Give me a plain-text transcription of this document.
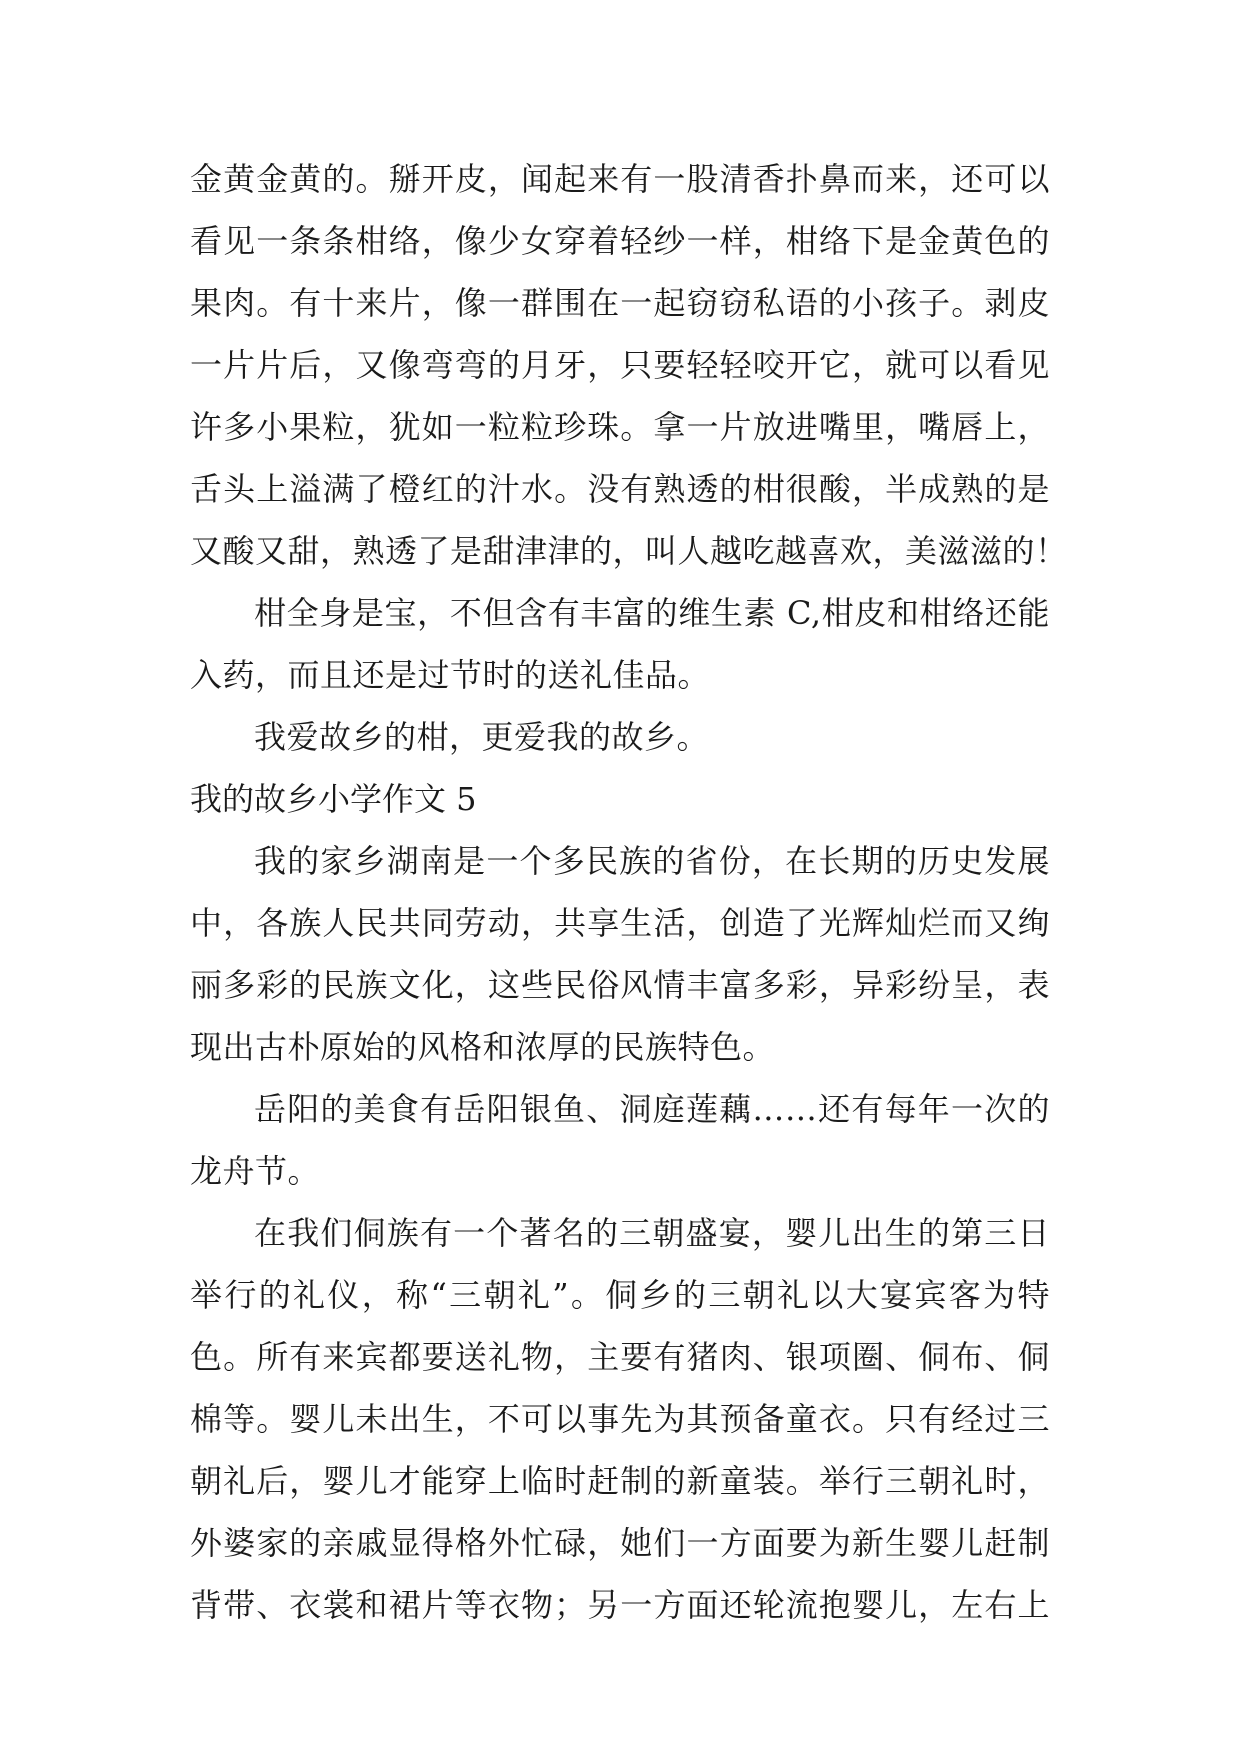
金黄金黄的。掰开皮，闻起来有一股清香扑鼻而来，还可以
看见一条条柑络，像少女穿着轻纱一样，柑络下是金黄色的
果肉。有十来片，像一群围在一起窃窃私语的小孩子。剥皮
一片片后，又像弯弯的月牙，只要轻轻咬开它，就可以看见
许多小果粒，犹如一粒粒珍珠。拿一片放进嘴里，嘴唇上，
舌头上溢满了橙红的汁水。没有熟透的柑很酸，半成熟的是
又酸又甜，熟透了是甜津津的，叫人越吃越喜欢，美滋滋的！
柑全身是宝，不但含有丰富的维生素 C,柑皮和柑络还能
入药，而且还是过节时的送礼佳品。
我爱故乡的柑，更爱我的故乡。
我的故乡小学作文 5
我的家乡湖南是一个多民族的省份，在长期的历史发展
中，各族人民共同劳动，共享生活，创造了光辉灿烂而又绚
丽多彩的民族文化，这些民俗风情丰富多彩，异彩纷呈，表
现出古朴原始的风格和浓厚的民族特色。
岳阳的美食有岳阳银鱼、洞庭莲藕……还有每年一次的
龙舟节。
在我们侗族有一个著名的三朝盛宴，婴儿出生的第三日
举行的礼仪，称“三朝礼”。侗乡的三朝礼以大宴宾客为特
色。所有来宾都要送礼物，主要有猪肉、银项圈、侗布、侗
棉等。婴儿未出生，不可以事先为其预备童衣。只有经过三
朝礼后，婴儿才能穿上临时赶制的新童装。举行三朝礼时，
外婆家的亲戚显得格外忙碌，她们一方面要为新生婴儿赶制
背带、衣裳和裙片等衣物；另一方面还轮流抱婴儿，左右上
